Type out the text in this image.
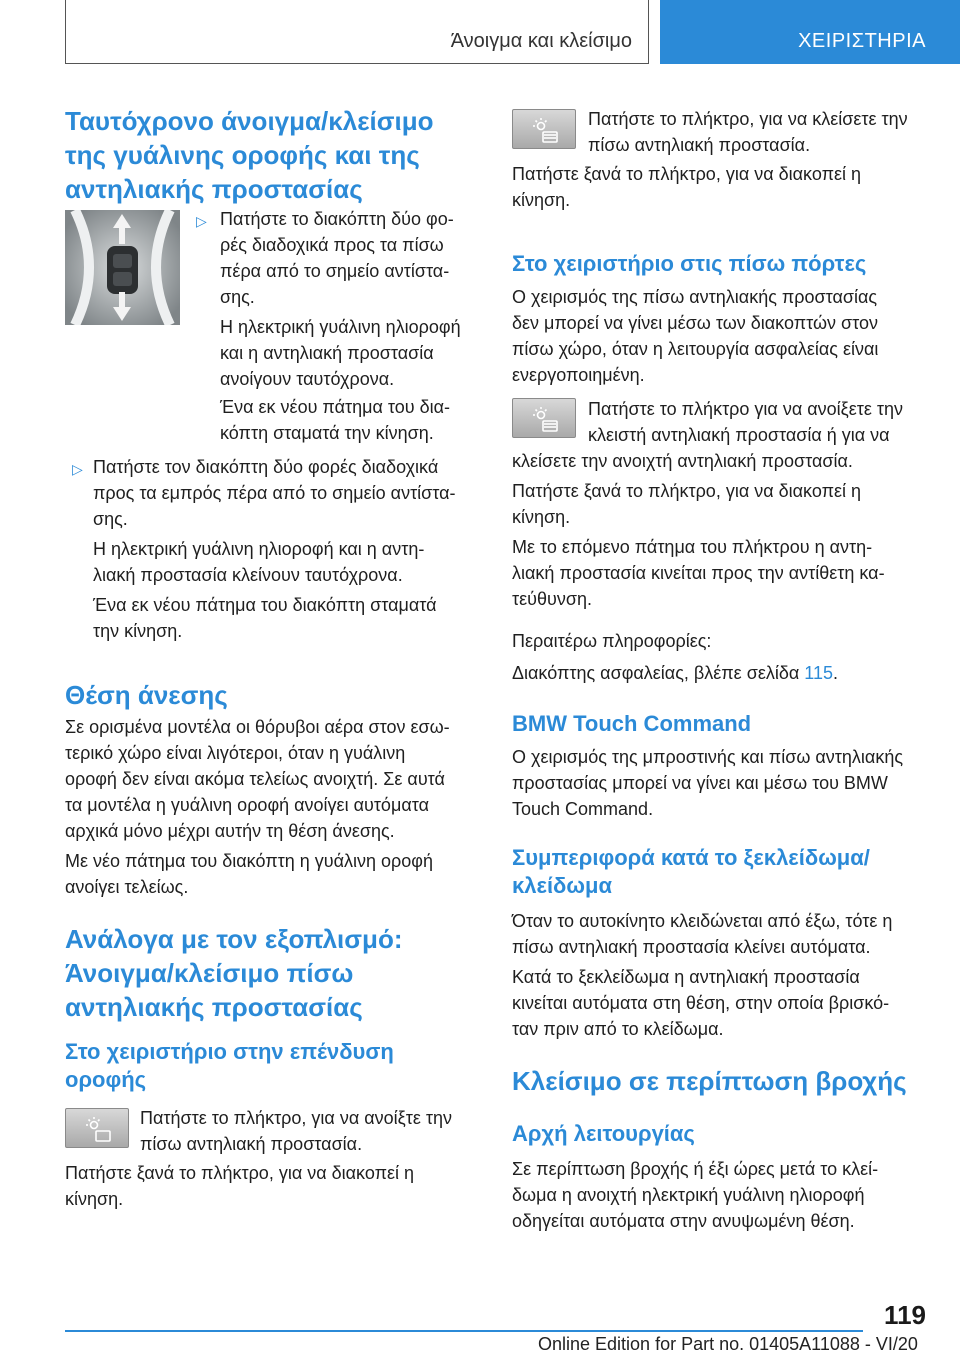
Άνοιγμα και κλείσιμο	ΧΕΙΡΙΣΤΗΡΙΑ
Ταυτόχρονο άνοιγμα/κλείσιμο
της γυάλινης οροφής και της
αντηλιακής προστασίας
▷ Πατήστε το διακόπτη δύο φο-
ρές διαδοχικά προς τα πίσω
πέρα από το σημείο αντίστα-
σης.
Η ηλεκτρική γυάλινη ηλιοροφή
και η αντηλιακή προστασία
ανοίγουν ταυτόχρονα.
Ένα εκ νέου πάτημα του δια-
κόπτη σταματά την κίνηση.
▷ Πατήστε τον διακόπτη δύο φορές διαδοχικά
προς τα εμπρός πέρα από το σημείο αντίστα-
σης.
Η ηλεκτρική γυάλινη ηλιοροφή και η αντη-
λιακή προστασία κλείνουν ταυτόχρονα.
Ένα εκ νέου πάτημα του διακόπτη σταματά
την κίνηση.
Θέση άνεσης
Σε ορισμένα μοντέλα οι θόρυβοι αέρα στον εσω-
τερικό χώρο είναι λιγότεροι, όταν η γυάλινη
οροφή δεν είναι ακόμα τελείως ανοιχτή. Σε αυτά
τα μοντέλα η γυάλινη οροφή ανοίγει αυτόματα
αρχικά μόνο μέχρι αυτήν τη θέση άνεσης.
Με νέο πάτημα του διακόπτη η γυάλινη οροφή
ανοίγει τελείως.
Ανάλογα με τον εξοπλισμό:
Άνοιγμα/κλείσιμο πίσω
αντηλιακής προστασίας
Στο χειριστήριο στην επένδυση
οροφής
Πατήστε το πλήκτρο, για να ανοίξτε την
πίσω αντηλιακή προστασία.
Πατήστε ξανά το πλήκτρο, για να διακοπεί η
κίνηση.
Πατήστε το πλήκτρο, για να κλείσετε την
πίσω αντηλιακή προστασία.
Πατήστε ξανά το πλήκτρο, για να διακοπεί η
κίνηση.
Στο χειριστήριο στις πίσω πόρτες
Ο χειρισμός της πίσω αντηλιακής προστασίας
δεν μπορεί να γίνει μέσω των διακοπτών στον
πίσω χώρο, όταν η λειτουργία ασφαλείας είναι
ενεργοποιημένη.
Πατήστε το πλήκτρο για να ανοίξετε την
κλειστή αντηλιακή προστασία ή για να
κλείσετε την ανοιχτή αντηλιακή προστασία.
Πατήστε ξανά το πλήκτρο, για να διακοπεί η
κίνηση.
Με το επόμενο πάτημα του πλήκτρου η αντη-
λιακή προστασία κινείται προς την αντίθετη κα-
τεύθυνση.
Περαιτέρω πληροφορίες:
Διακόπτης ασφαλείας, βλέπε σελίδα 115.
BMW Touch Command
Ο χειρισμός της μπροστινής και πίσω αντηλιακής
προστασίας μπορεί να γίνει και μέσω του BMW
Touch Command.
Συμπεριφορά κατά το ξεκλείδωμα/
κλείδωμα
Όταν το αυτοκίνητο κλειδώνεται από έξω, τότε η
πίσω αντηλιακή προστασία κλείνει αυτόματα.
Κατά το ξεκλείδωμα η αντηλιακή προστασία
κινείται αυτόματα στη θέση, στην οποία βρισκό-
ταν πριν από το κλείδωμα.
Κλείσιμο σε περίπτωση βροχής
Αρχή λειτουργίας
Σε περίπτωση βροχής ή έξι ώρες μετά το κλεί-
δωμα η ανοιχτή ηλεκτρική γυάλινη ηλιοροφή
οδηγείται αυτόματα στην ανυψωμένη θέση.
119
Online Edition for Part no. 01405A11088 - VI/20
